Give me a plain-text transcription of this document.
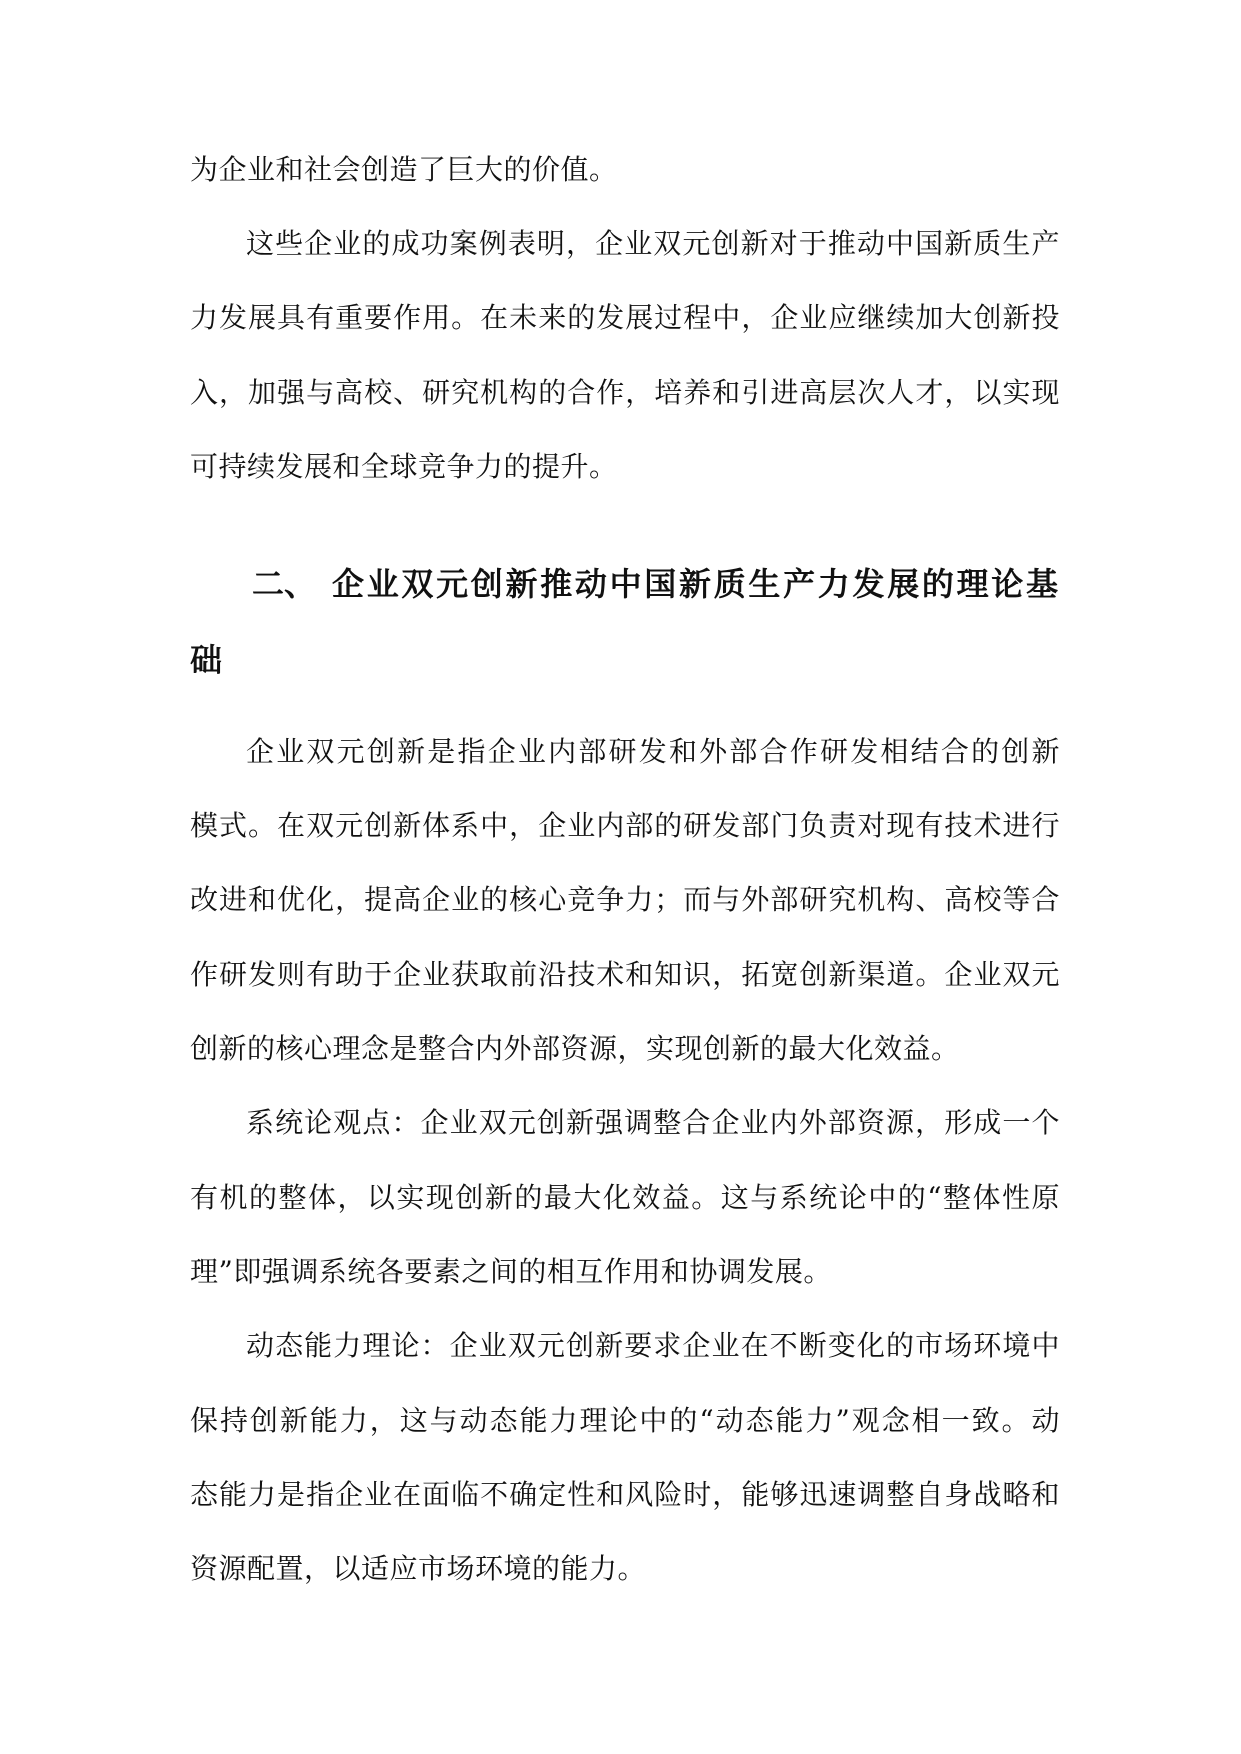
为企业和社会创造了巨大的价值。
这些企业的成功案例表明，企业双元创新对于推动中国新质生产
力发展具有重要作用。在未来的发展过程中，企业应继续加大创新投
入，加强与高校、研究机构的合作，培养和引进高层次人才，以实现
可持续发展和全球竞争力的提升。
二、 企业双元创新推动中国新质生产力发展的理论基
础
企业双元创新是指企业内部研发和外部合作研发相结合的创新
模式。在双元创新体系中，企业内部的研发部门负责对现有技术进行
改进和优化，提高企业的核心竞争力；而与外部研究机构、高校等合
作研发则有助于企业获取前沿技术和知识，拓宽创新渠道。企业双元
创新的核心理念是整合内外部资源，实现创新的最大化效益。
系统论观点：企业双元创新强调整合企业内外部资源，形成一个
有机的整体，以实现创新的最大化效益。这与系统论中的“整体性原
理”即强调系统各要素之间的相互作用和协调发展。
动态能力理论：企业双元创新要求企业在不断变化的市场环境中
保持创新能力，这与动态能力理论中的“动态能力”观念相一致。动
态能力是指企业在面临不确定性和风险时，能够迅速调整自身战略和
资源配置，以适应市场环境的能力。
